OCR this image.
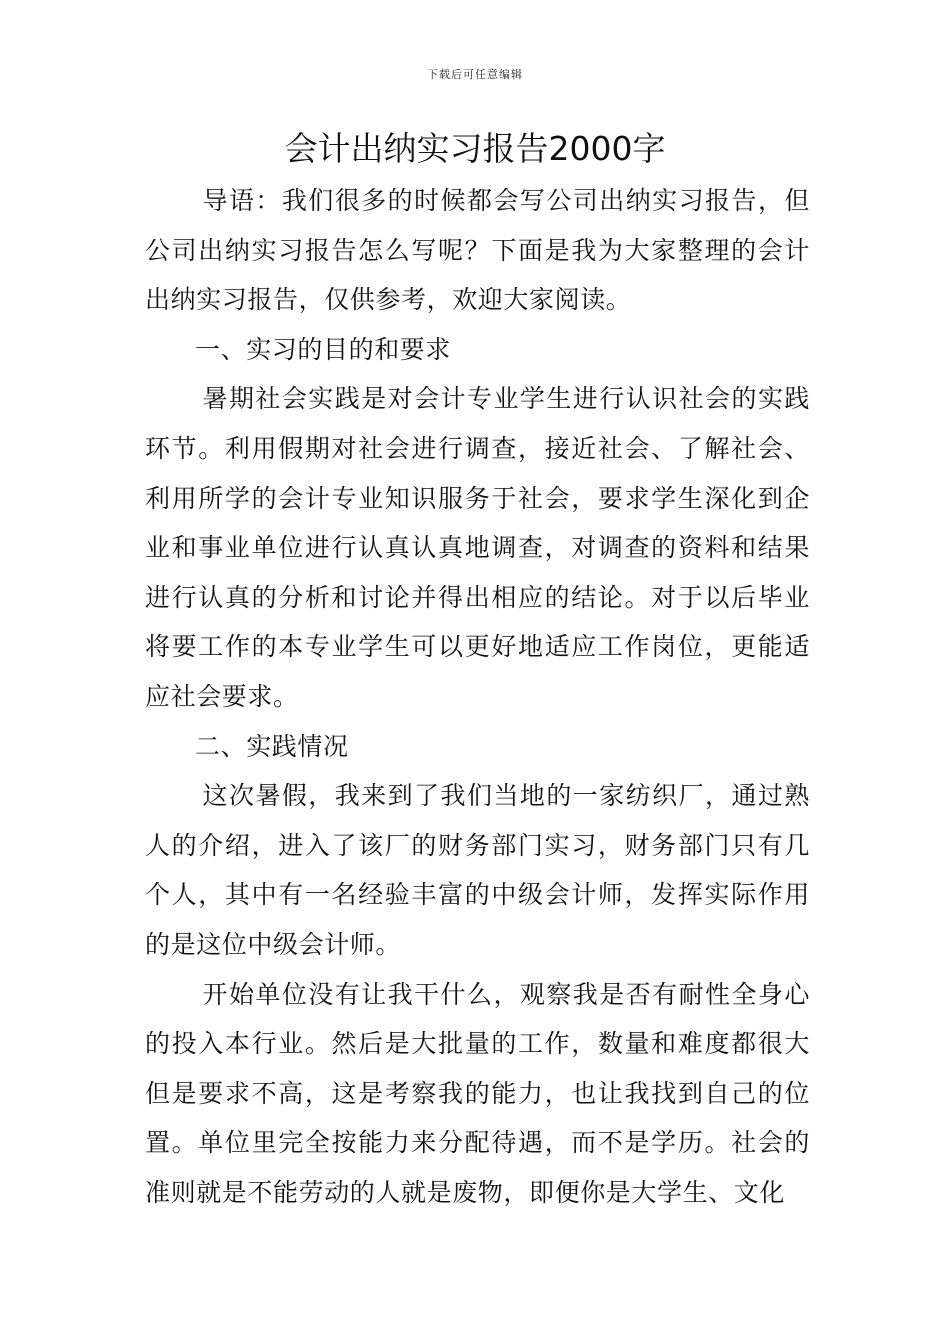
下载后可任意编辑
会计出纳实习报告2000字

导语：我们很多的时候都会写公司出纳实习报告，但公司出纳实习报告怎么写呢？下面是我为大家整理的会计出纳实习报告，仅供参考，欢迎大家阅读。

一、实习的目的和要求

暑期社会实践是对会计专业学生进行认识社会的实践环节。利用假期对社会进行调查，接近社会、了解社会、利用所学的会计专业知识服务于社会，要求学生深化到企业和事业单位进行认真认真地调查，对调查的资料和结果进行认真的分析和讨论并得出相应的结论。对于以后毕业将要工作的本专业学生可以更好地适应工作岗位，更能适应社会要求。

二、实践情况

这次暑假，我来到了我们当地的一家纺织厂，通过熟人的介绍，进入了该厂的财务部门实习，财务部门只有几个人，其中有一名经验丰富的中级会计师，发挥实际作用的是这位中级会计师。

开始单位没有让我干什么，观察我是否有耐性全身心的投入本行业。然后是大批量的工作，数量和难度都很大但是要求不高，这是考察我的能力，也让我找到自己的位置。单位里完全按能力来分配待遇，而不是学历。社会的准则就是不能劳动的人就是废物，即便你是大学生、文化
